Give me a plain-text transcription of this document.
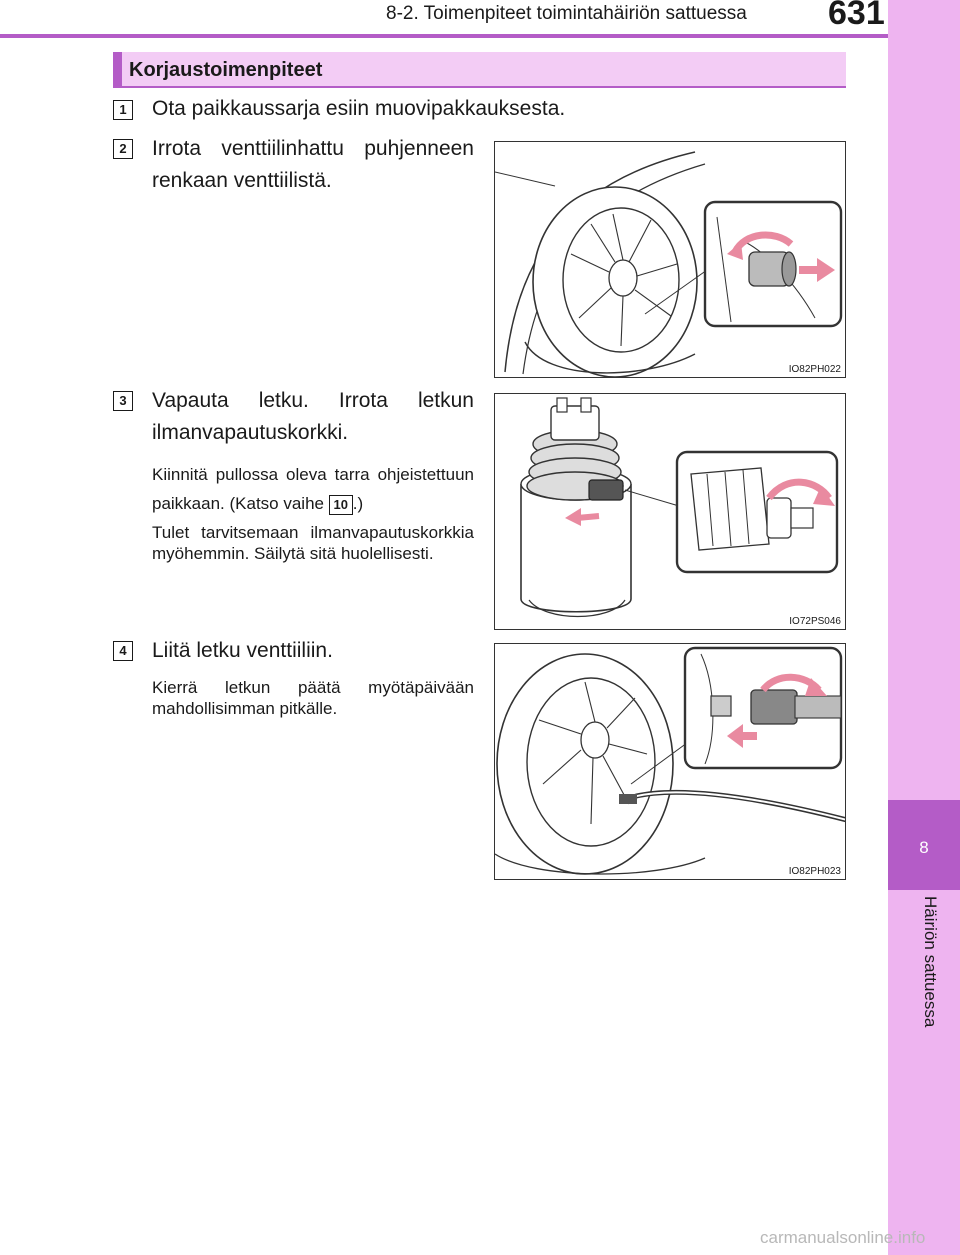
8-2. Toimenpiteet toimintahäiriön sattuessa 631
8
Häiriön sattuessa
Korjaustoimenpiteet
1	Ota paikkaussarja esiin muovipakkauksesta.
2	Irrota venttiilinhattu puhjenneen renkaan venttiilistä.
IO82PH022
3	Vapauta letku. Irrota letkun ilmanvapautuskorkki.
Kiinnitä pullossa oleva tarra ohjeistettuun paikkaan. (Katso vaihe 10 .)
Tulet tarvitsemaan ilmanvapautuskorkkia myöhemmin. Säilytä sitä huolellisesti.
IO72PS046
4	Liitä letku venttiiliin.
Kierrä letkun päätä myötäpäivään mahdollisimman pitkälle.
IO82PH023
carmanualsonline.info
